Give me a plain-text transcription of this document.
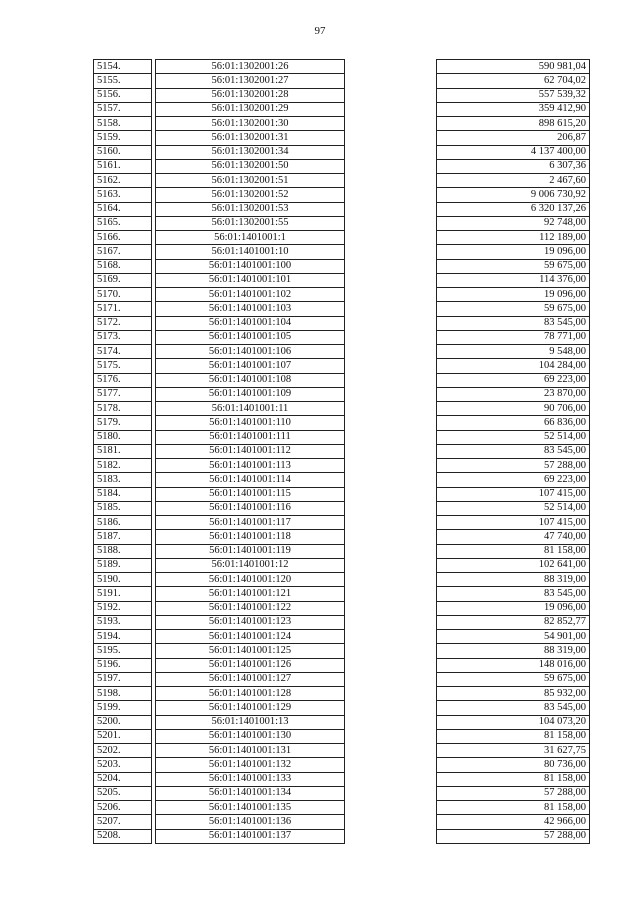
97
5154.		56:01:1302001:26		590 981,04
5155.		56:01:1302001:27		62 704,02
5156.		56:01:1302001:28		557 539,32
5157.		56:01:1302001:29		359 412,90
5158.		56:01:1302001:30		898 615,20
5159.		56:01:1302001:31		206,87
5160.		56:01:1302001:34		4 137 400,00
5161.		56:01:1302001:50		6 307,36
5162.		56:01:1302001:51		2 467,60
5163.		56:01:1302001:52		9 006 730,92
5164.		56:01:1302001:53		6 320 137,26
5165.		56:01:1302001:55		92 748,00
5166.		56:01:1401001:1		112 189,00
5167.		56:01:1401001:10		19 096,00
5168.		56:01:1401001:100		59 675,00
5169.		56:01:1401001:101		114 376,00
5170.		56:01:1401001:102		19 096,00
5171.		56:01:1401001:103		59 675,00
5172.		56:01:1401001:104		83 545,00
5173.		56:01:1401001:105		78 771,00
5174.		56:01:1401001:106		9 548,00
5175.		56:01:1401001:107		104 284,00
5176.		56:01:1401001:108		69 223,00
5177.		56:01:1401001:109		23 870,00
5178.		56:01:1401001:11		90 706,00
5179.		56:01:1401001:110		66 836,00
5180.		56:01:1401001:111		52 514,00
5181.		56:01:1401001:112		83 545,00
5182.		56:01:1401001:113		57 288,00
5183.		56:01:1401001:114		69 223,00
5184.		56:01:1401001:115		107 415,00
5185.		56:01:1401001:116		52 514,00
5186.		56:01:1401001:117		107 415,00
5187.		56:01:1401001:118		47 740,00
5188.		56:01:1401001:119		81 158,00
5189.		56:01:1401001:12		102 641,00
5190.		56:01:1401001:120		88 319,00
5191.		56:01:1401001:121		83 545,00
5192.		56:01:1401001:122		19 096,00
5193.		56:01:1401001:123		82 852,77
5194.		56:01:1401001:124		54 901,00
5195.		56:01:1401001:125		88 319,00
5196.		56:01:1401001:126		148 016,00
5197.		56:01:1401001:127		59 675,00
5198.		56:01:1401001:128		85 932,00
5199.		56:01:1401001:129		83 545,00
5200.		56:01:1401001:13		104 073,20
5201.		56:01:1401001:130		81 158,00
5202.		56:01:1401001:131		31 627,75
5203.		56:01:1401001:132		80 736,00
5204.		56:01:1401001:133		81 158,00
5205.		56:01:1401001:134		57 288,00
5206.		56:01:1401001:135		81 158,00
5207.		56:01:1401001:136		42 966,00
5208.		56:01:1401001:137		57 288,00
